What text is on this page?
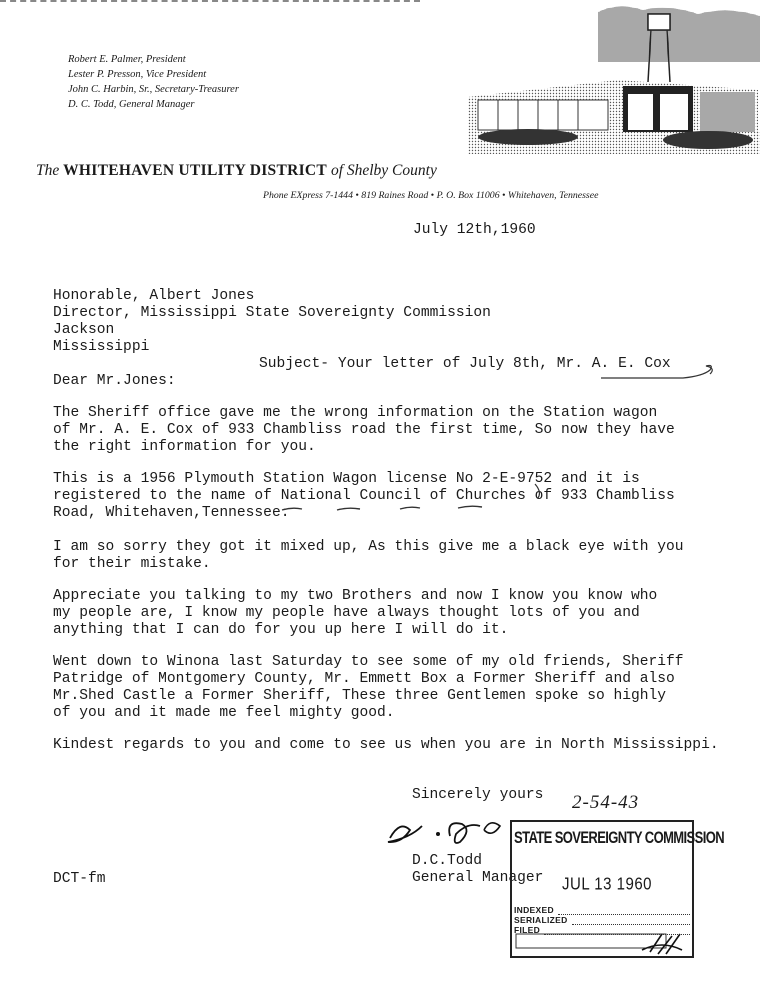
Robert E. Palmer, President
Lester P. Presson, Vice President
John C. Harbin, Sr., Secretary-Treasurer
D. C. Todd, General Manager
The WHITEHAVEN UTILITY DISTRICT of Shelby County
Phone EXpress 7-1444 • 819 Raines Road • P. O. Box 11006 • Whitehaven, Tennessee
July 12th,1960
Honorable, Albert Jones
Director, Mississippi State Sovereignty Commission
Jackson
Mississippi
Subject- Your letter of July 8th, Mr. A. E. Cox
Dear Mr.Jones:
The Sheriff office gave me the wrong information on the Station wagon
of Mr. A. E. Cox of 933 Chambliss road the first time, So now they have
the right information for you.
This is a 1956 Plymouth Station Wagon license No 2-E-9752 and it is
registered to the name of National Council of Churches of 933 Chambliss
Road, Whitehaven,Tennessee.
I am so sorry they got it mixed up, As this give me a black eye with you
for their mistake.
Appreciate you talking to my two Brothers and now I know you know who
my people are, I know my people have always thought lots of you and
anything that I can do for you up here I will do it.
Went down to Winona last Saturday to see some of my old friends, Sheriff
Patridge of Montgomery County, Mr. Emmett Box a Former Sheriff and also
Mr.Shed Castle a Former Sheriff, These three Gentlemen spoke so highly
of you and it made me feel mighty good.
Kindest regards to you and come to see us when you are in North Mississippi.
Sincerely yours 2-54-43
D.C.Todd
General Manager
DCT-fm
STATE SOVEREIGNTY COMMISSION
JUL 13 1960
INDEXED
SERIALIZED
FILED
